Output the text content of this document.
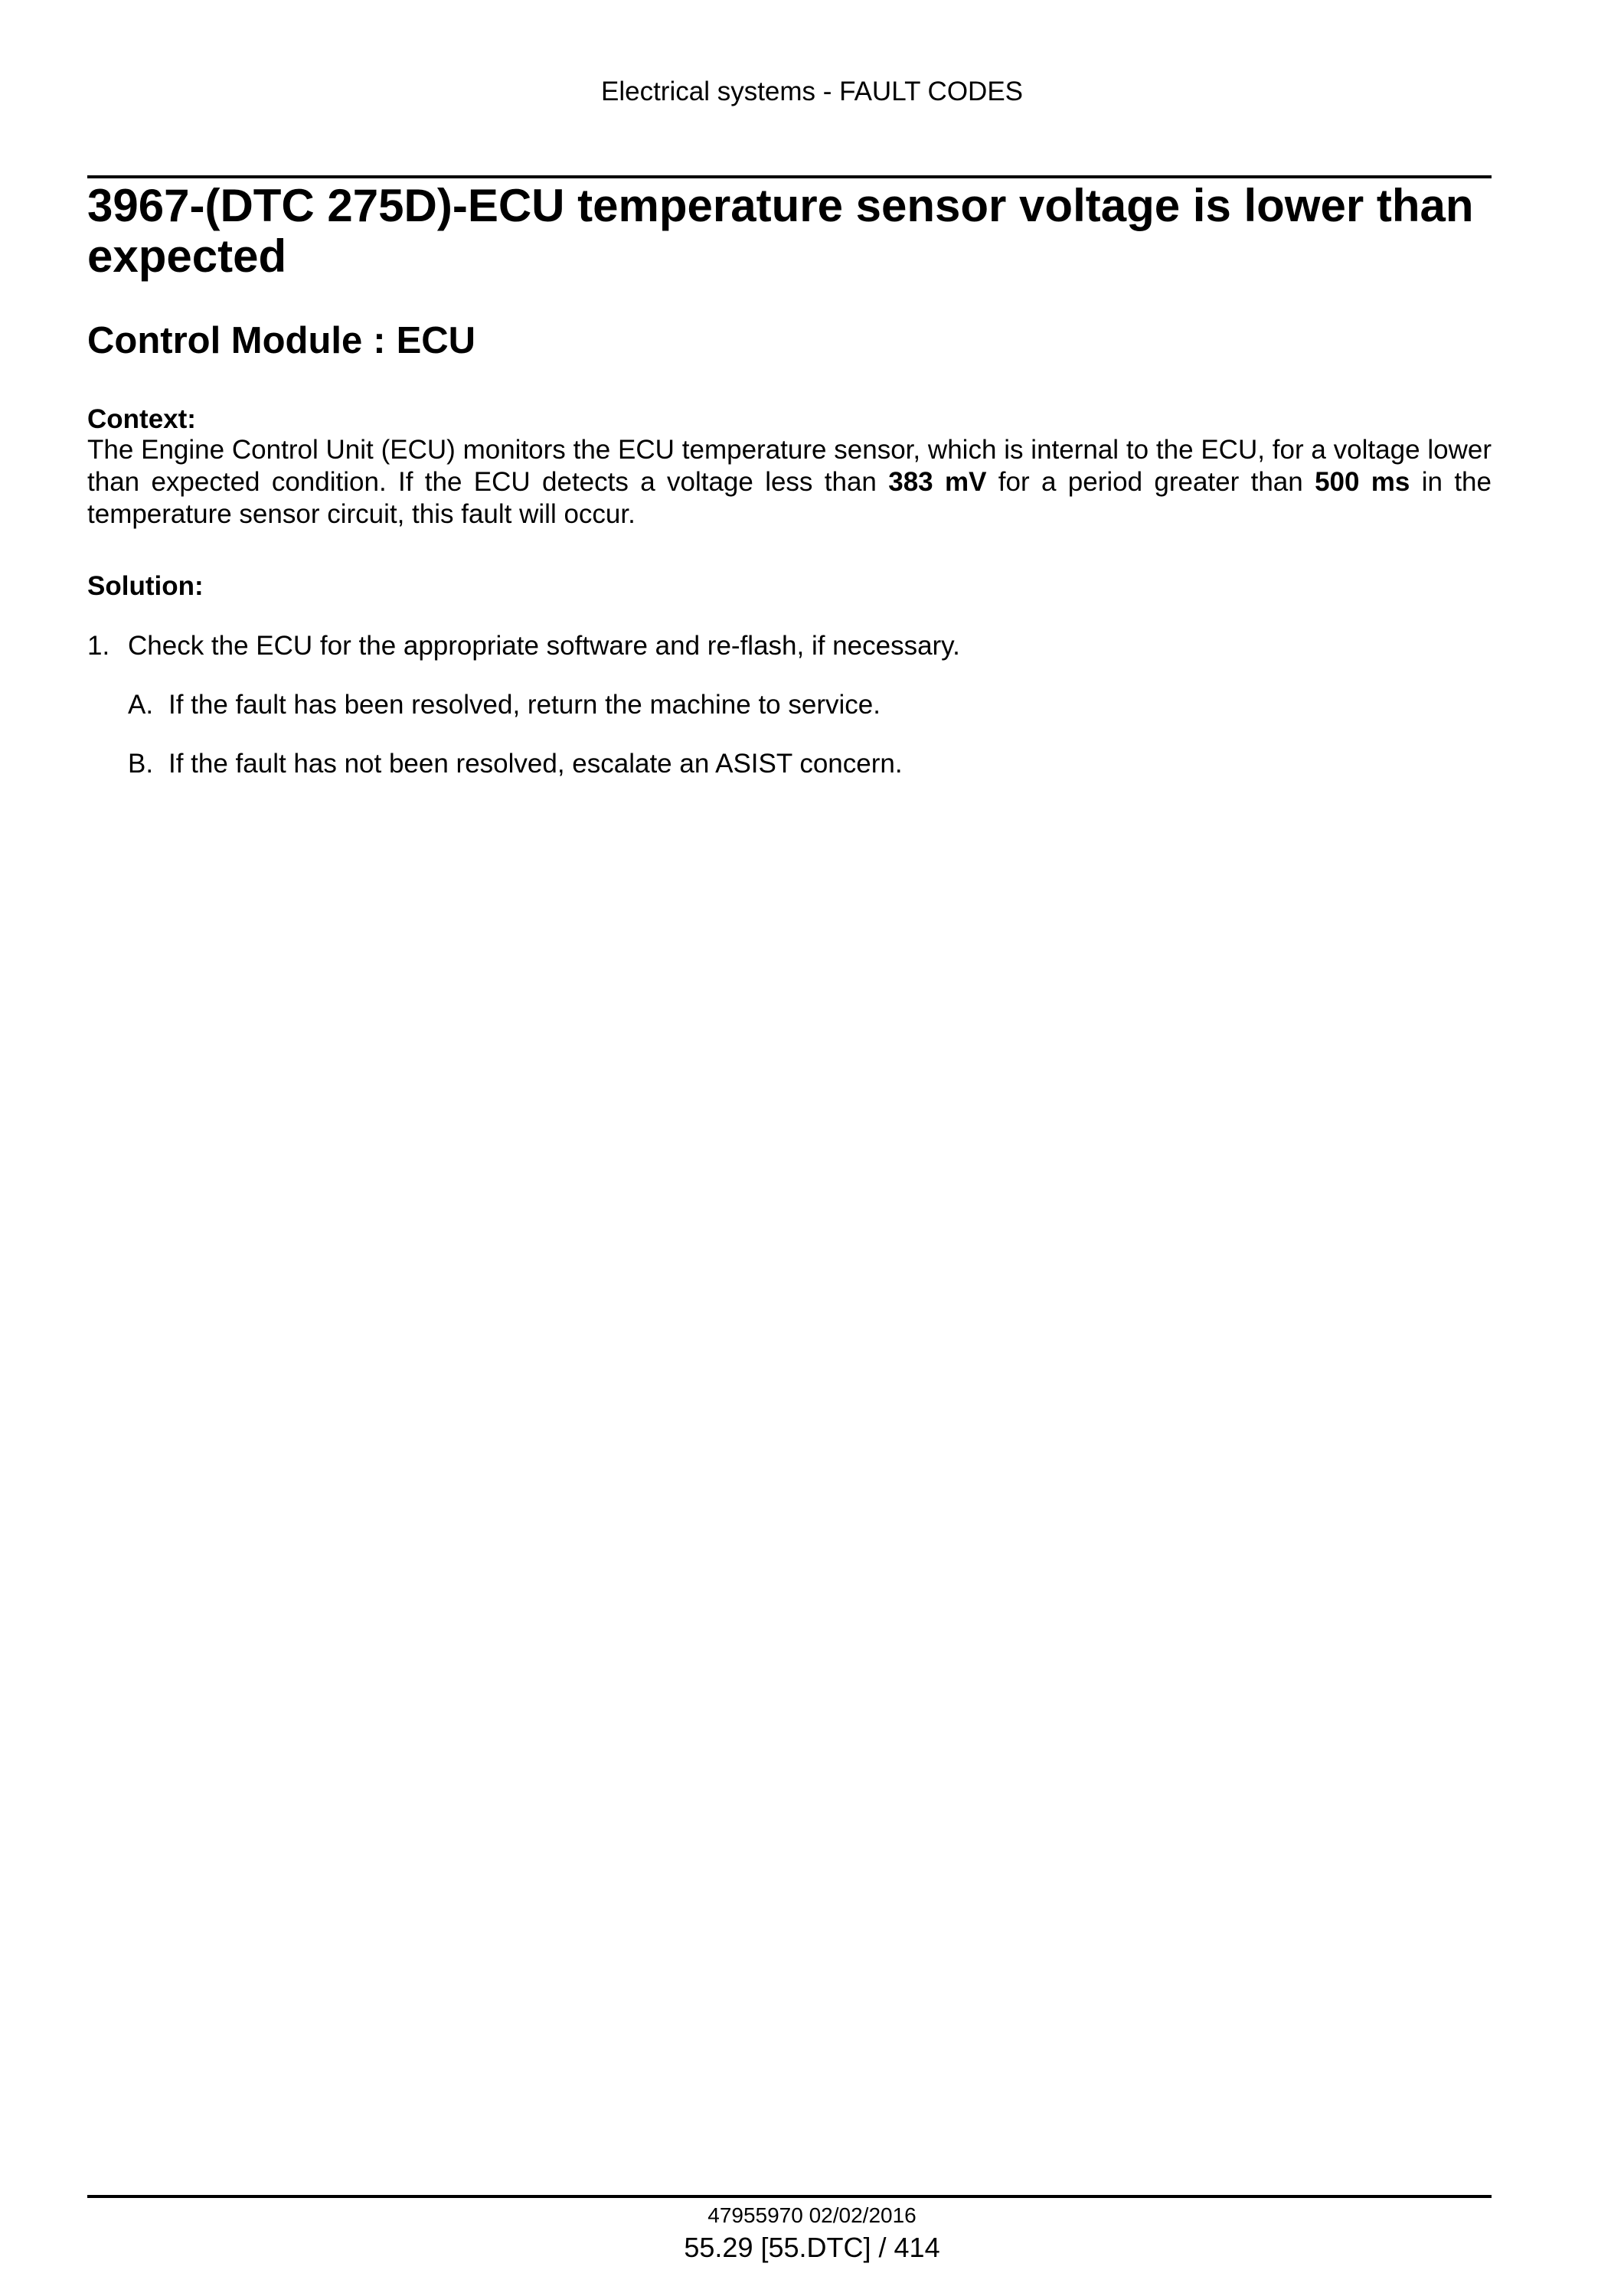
Electrical systems - FAULT CODES
3967-(DTC 275D)-ECU temperature sensor voltage is lower than expected
Control Module : ECU
Context:

The Engine Control Unit (ECU) monitors the ECU temperature sensor, which is internal to the ECU, for a voltage lower than expected condition. If the ECU detects a voltage less than 383 mV for a period greater than 500 ms in the temperature sensor circuit, this fault will occur.

Solution:
1. Check the ECU for the appropriate software and re-flash, if necessary.
A. If the fault has been resolved, return the machine to service.
B. If the fault has not been resolved, escalate an ASIST concern.
47955970 02/02/2016
55.29 [55.DTC] / 414
